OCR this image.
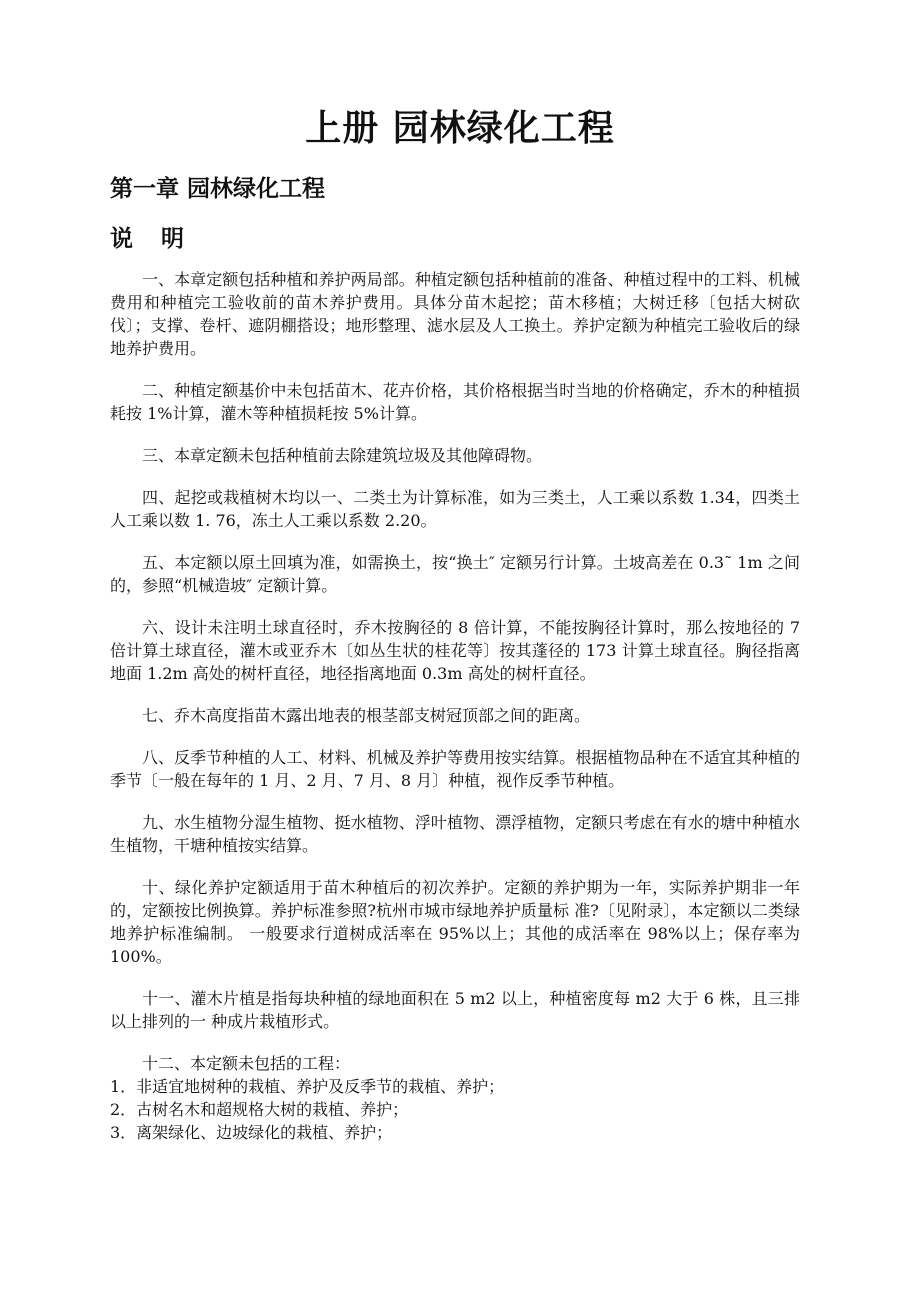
上册 园林绿化工程
第一章 园林绿化工程
说 明

一、本章定额包括种植和养护两局部。种植定额包括种植前的准备、种植过程中的工料、机械费用和种植完工验收前的苗木养护费用。具体分苗木起挖；苗木移植；大树迁移〔包括大树砍伐〕；支撑、卷杆、遮阴棚搭设；地形整理、滤水层及人工换土。养护定额为种植完工验收后的绿地养护费用。

二、种植定额基价中未包括苗木、花卉价格，其价格根据当时当地的价格确定，乔木的种植损耗按 1%计算，灌木等种植损耗按 5%计算。

三、本章定额未包括种植前去除建筑垃圾及其他障碍物。

四、起挖或栽植树木均以一、二类土为计算标准，如为三类土，人工乘以系数 1.34，四类土人工乘以数 1. 76，冻土人工乘以系数 2.20。

五、本定额以原土回填为准，如需换土，按“换土″ 定额另行计算。土坡高差在 0.3˜ 1m 之间的，参照“机械造坡″ 定额计算。

六、设计未注明土球直径时，乔木按胸径的 8 倍计算，不能按胸径计算时，那么按地径的 7 倍计算土球直径，灌木或亚乔木〔如丛生状的桂花等〕按其蓬径的 173 计算土球直径。胸径指离地面 1.2m 高处的树杆直径，地径指离地面 0.3m 高处的树杆直径。

七、乔木高度指苗木露出地表的根茎部支树冠顶部之间的距离。

八、反季节种植的人工、材料、机械及养护等费用按实结算。根据植物品种在不适宜其种植的季节〔一般在每年的 1 月、2 月、7 月、8 月〕种植，视作反季节种植。

九、水生植物分湿生植物、挺水植物、浮叶植物、漂浮植物，定额只考虑在有水的塘中种植水生植物，干塘种植按实结算。

十、绿化养护定额适用于苗木种植后的初次养护。定额的养护期为一年，实际养护期非一年的，定额按比例换算。养护标准参照?杭州市城市绿地养护质量标 准?〔见附录〕，本定额以二类绿地养护标准编制。 一般要求行道树成活率在 95%以上；其他的成活率在 98%以上；保存率为 100%。

十一、灌木片植是指每块种植的绿地面积在 5 m2 以上，种植密度每 m2 大于 6 株，且三排以上排列的一 种成片栽植形式。

十二、本定额未包括的工程：

1．非适宜地树种的栽植、养护及反季节的栽植、养护；
2．古树名木和超规格大树的栽植、养护；
3．离架绿化、边坡绿化的栽植、养护；
